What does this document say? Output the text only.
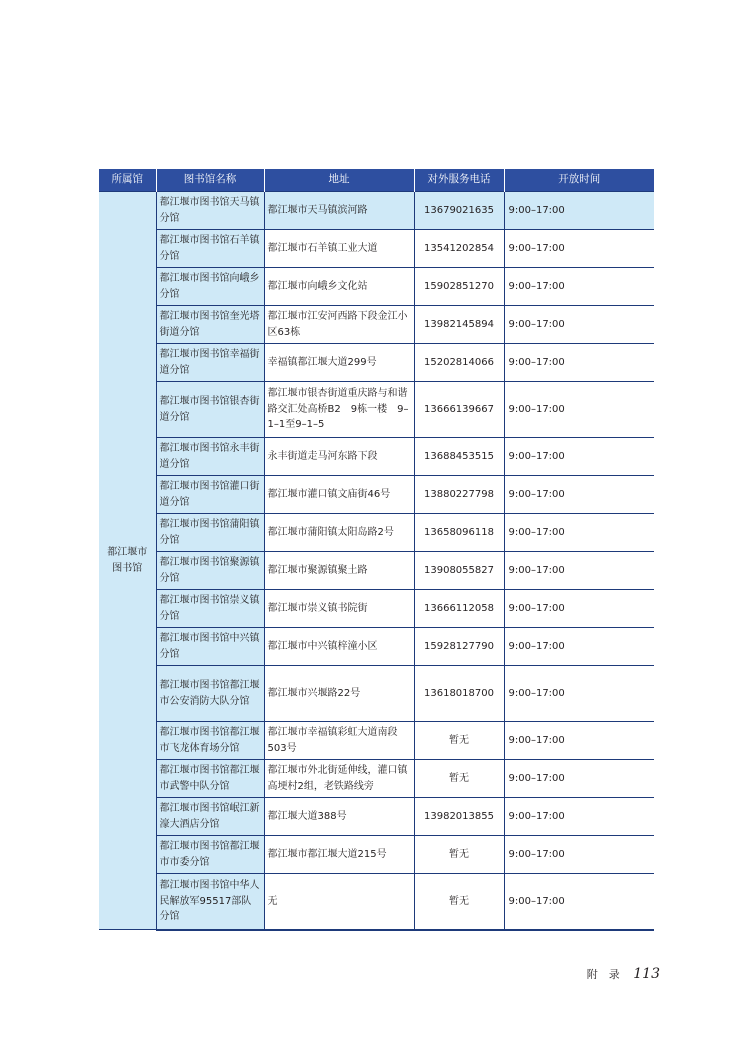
所属馆	图书馆名称	地址	对外服务电话	开放时间
都江堰市
图书馆	都江堰市图书馆天马镇分馆	都江堰市天马镇滨河路	13679021635	9:00–17:00
	都江堰市图书馆石羊镇分馆	都江堰市石羊镇工业大道	13541202854	9:00–17:00
	都江堰市图书馆向峨乡分馆	都江堰市向峨乡文化站	15902851270	9:00–17:00
	都江堰市图书馆奎光塔街道分馆	都江堰市江安河西路下段金江小区63栋	13982145894	9:00–17:00
	都江堰市图书馆幸福街道分馆	幸福镇都江堰大道299号	15202814066	9:00–17:00
	都江堰市图书馆银杏街道分馆	都江堰市银杏街道重庆路与和谐路交汇处高桥B2　9栋一楼　9–1–1至9–1–5	13666139667	9:00–17:00
	都江堰市图书馆永丰街道分馆	永丰街道走马河东路下段	13688453515	9:00–17:00
	都江堰市图书馆灌口街道分馆	都江堰市灌口镇文庙街46号	13880227798	9:00–17:00
	都江堰市图书馆蒲阳镇分馆	都江堰市蒲阳镇太阳岛路2号	13658096118	9:00–17:00
	都江堰市图书馆聚源镇分馆	都江堰市聚源镇聚土路	13908055827	9:00–17:00
	都江堰市图书馆崇义镇分馆	都江堰市崇义镇书院街	13666112058	9:00–17:00
	都江堰市图书馆中兴镇分馆	都江堰市中兴镇梓潼小区	15928127790	9:00–17:00
	都江堰市图书馆都江堰市公安消防大队分馆	都江堰市兴堰路22号	13618018700	9:00–17:00
	都江堰市图书馆都江堰市飞龙体育场分馆	都江堰市幸福镇彩虹大道南段503号	暂无	9:00–17:00
	都江堰市图书馆都江堰市武警中队分馆	都江堰市外北街延伸线，灌口镇高埂村2组，老铁路线旁	暂无	9:00–17:00
	都江堰市图书馆岷江新濠大酒店分馆	都江堰大道388号	13982013855	9:00–17:00
	都江堰市图书馆都江堰市市委分馆	都江堰市都江堰大道215号	暂无	9:00–17:00
	都江堰市图书馆中华人民解放军95517部队分馆	无	暂无	9:00–17:00
附　录 113
